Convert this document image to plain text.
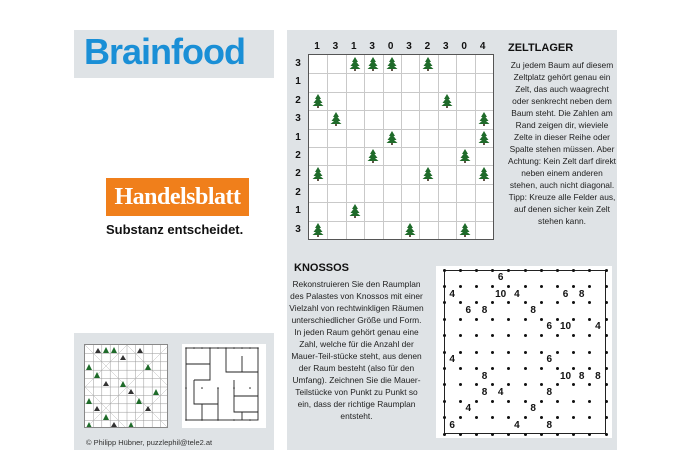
Brainfood
Handelsblatt
Substanz entscheidet.
1	3	1	3	0	3	2	3	0	4
3
1
2
3
1
2
2
2
1
3
ZELTLAGER
Zu jedem Baum auf diesem Zeltplatz gehört genau ein Zelt, das auch waagrecht oder senkrecht neben dem Baum steht. Die Zahlen am Rand zeigen dir, wieviele Zelte in dieser Reihe oder Spalte stehen müssen. Aber Achtung: Kein Zelt darf direkt neben einem anderen stehen, auch nicht diagonal. Tipp: Kreuze alle Felder aus, auf denen sicher kein Zelt stehen kann.
KNOSSOS
Rekonstruieren Sie den Raumplan des Palastes von Knossos mit einer Vielzahl von rechtwinkligen Räumen unterschiedlicher Größe und Form. In jeden Raum gehört genau eine Zahl, welche für die Anzahl der Mauer-Teil-stücke steht, aus denen der Raum besteht (also für den Umfang). Zeichnen Sie die Mauer- Teilstücke von Punkt zu Punkt so ein, dass der richtige Raumplan entsteht.
6
4	10 4	6	8
6	8	8
6 10	4
4	6
8	10 8	8
8	4	8
4	8
6	4	8
© Philipp Hübner, puzzlephil@tele2.at
